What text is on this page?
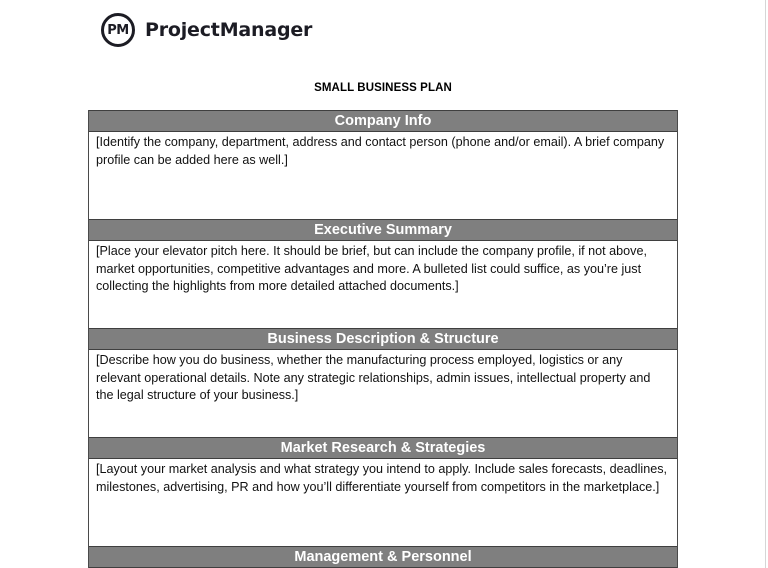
PM ProjectManager
SMALL BUSINESS PLAN
Company Info
[Identify the company, department, address and contact person (phone and/or email). A brief company profile can be added here as well.]
Executive Summary
[Place your elevator pitch here. It should be brief, but can include the company profile, if not above, market opportunities, competitive advantages and more. A bulleted list could suffice, as you’re just collecting the highlights from more detailed attached documents.]
Business Description & Structure
[Describe how you do business, whether the manufacturing process employed, logistics or any relevant operational details. Note any strategic relationships, admin issues, intellectual property and the legal structure of your business.]
Market Research & Strategies
[Layout your market analysis and what strategy you intend to apply. Include sales forecasts, deadlines, milestones, advertising, PR and how you’ll differentiate yourself from competitors in the marketplace.]
Management & Personnel
